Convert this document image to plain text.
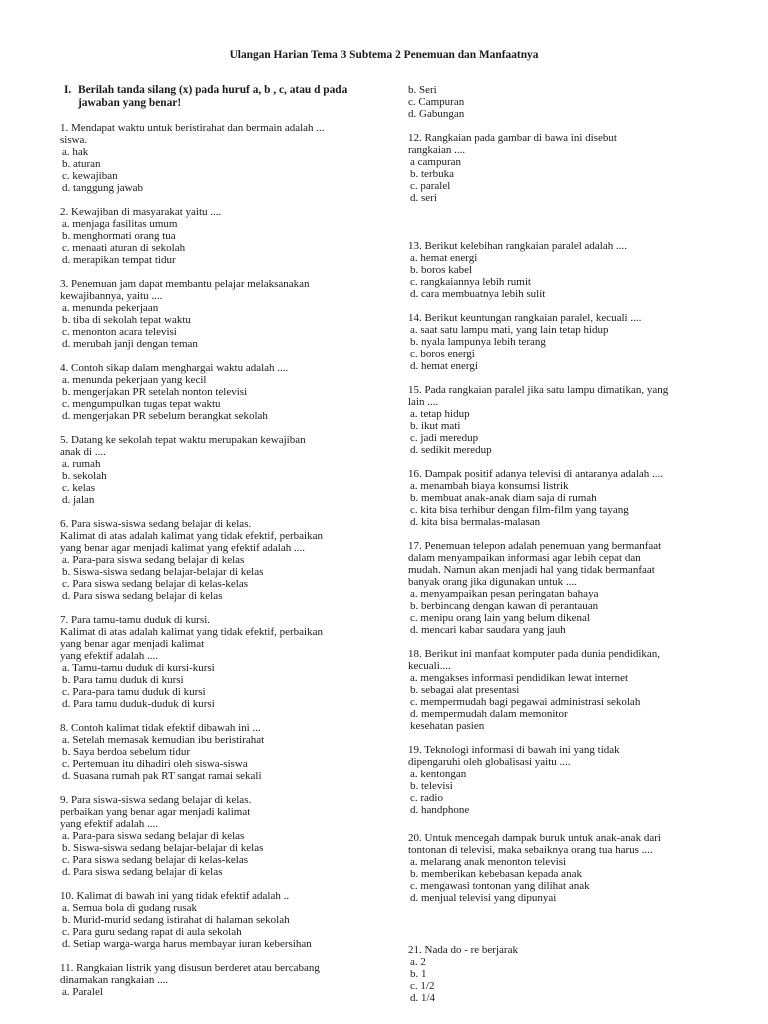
Ulangan Harian Tema 3 Subtema 2 Penemuan dan Manfaatnya
I. Berilah tanda silang (x) pada huruf a, b , c, atau d pada jawaban yang benar!
1. Mendapat waktu untuk beristirahat dan bermain adalah ...
siswa.
a. hak
b. aturan
c. kewajiban
d. tanggung jawab
2. Kewajiban di masyarakat yaitu ....
a. menjaga fasilitas umum
b. menghormati orang tua
c. menaati aturan di sekolah
d. merapikan tempat tidur
3. Penemuan jam dapat membantu pelajar melaksanakan
kewajibannya, yaitu ....
a. menunda pekerjaan
b. tiba di sekolah tepat waktu
c. menonton acara televisi
d. merubah janji dengan teman
4. Contoh sikap dalam menghargai waktu adalah ....
a. menunda pekerjaan yang kecil
b. mengerjakan PR setelah nonton televisi
c. mengumpulkan tugas tepat waktu
d. mengerjakan PR sebelum berangkat sekolah
5. Datang ke sekolah tepat waktu merupakan kewajiban
anak di ....
a. rumah
b. sekolah
c. kelas
d. jalan
6. Para siswa-siswa sedang belajar di kelas.
Kalimat di atas adalah kalimat yang tidak efektif, perbaikan
yang benar agar menjadi kalimat yang efektif adalah ....
a. Para-para siswa sedang belajar di kelas
b. Siswa-siswa sedang belajar-belajar di kelas
c. Para siswa sedang belajar di kelas-kelas
d. Para siswa sedang belajar di kelas
7. Para tamu-tamu duduk di kursi.
Kalimat di atas adalah kalimat yang tidak efektif, perbaikan
yang benar agar menjadi kalimat
yang efektif adalah ....
a. Tamu-tamu duduk di kursi-kursi
b. Para tamu duduk di kursi
c. Para-para tamu duduk di kursi
d. Para tamu duduk-duduk di kursi
8. Contoh kalimat tidak efektif dibawah ini ...
a. Setelah memasak kemudian ibu beristirahat
b. Saya berdoa sebelum tidur
c. Pertemuan itu dihadiri oleh siswa-siswa
d. Suasana rumah pak RT sangat ramai sekali
9. Para siswa-siswa sedang belajar di kelas.
perbaikan yang benar agar menjadi kalimat
yang efektif adalah ....
a. Para-para siswa sedang belajar di kelas
b. Siswa-siswa sedang belajar-belajar di kelas
c. Para siswa sedang belajar di kelas-kelas
d. Para siswa sedang belajar di kelas
10. Kalimat di bawah ini yang tidak efektif adalah ..
a. Semua bola di gudang rusak
b. Murid-murid sedang istirahat di halaman sekolah
c. Para guru sedang rapat di aula sekolah
d. Setiap warga-warga harus membayar iuran kebersihan
11. Rangkaian listrik yang disusun berderet atau bercabang
dinamakan rangkaian ....
a. Paralel
b. Seri
c. Campuran
d. Gabungan
12. Rangkaian pada gambar di bawa ini disebut
rangkaian ....
a campuran
b. terbuka
c. paralel
d. seri
13. Berikut kelebihan rangkaian paralel adalah ....
a. hemat energi
b. boros kabel
c. rangkaiannya lebih rumit
d. cara membuatnya lebih sulit
14. Berikut keuntungan rangkaian paralel, kecuali ....
a. saat satu lampu mati, yang lain tetap hidup
b. nyala lampunya lebih terang
c. boros energi
d. hemat energi
15. Pada rangkaian paralel jika satu lampu dimatikan, yang
lain ....
a. tetap hidup
b. ikut mati
c. jadi meredup
d. sedikit meredup
16. Dampak positif adanya televisi di antaranya adalah ....
a. menambah biaya konsumsi listrik
b. membuat anak-anak diam saja di rumah
c. kita bisa terhibur dengan film-film yang tayang
d. kita bisa bermalas-malasan
17. Penemuan telepon adalah penemuan yang bermanfaat
dalam menyampaikan informasi agar lebih cepat dan
mudah. Namun akan menjadi hal yang tidak bermanfaat
banyak orang jika digunakan untuk ....
a. menyampaikan pesan peringatan bahaya
b. berbincang dengan kawan di perantauan
c. menipu orang lain yang belum dikenal
d. mencari kabar saudara yang jauh
18. Berikut ini manfaat komputer pada dunia pendidikan,
kecuali....
a. mengakses informasi pendidikan lewat internet
b. sebagai alat presentasi
c. mempermudah bagi pegawai administrasi sekolah
d. mempermudah dalam memonitor
kesehatan pasien
19. Teknologi informasi di bawah ini yang tidak
dipengaruhi oleh globalisasi yaitu ....
a. kentongan
b. televisi
c. radio
d. handphone
20. Untuk mencegah dampak buruk untuk anak-anak dari
tontonan di televisi, maka sebaiknya orang tua harus ....
a. melarang anak menonton televisi
b. memberikan kebebasan kepada anak
c. mengawasi tontonan yang dilihat anak
d. menjual televisi yang dipunyai
21. Nada do - re berjarak
a. 2
b. 1
c. 1/2
d. 1/4
